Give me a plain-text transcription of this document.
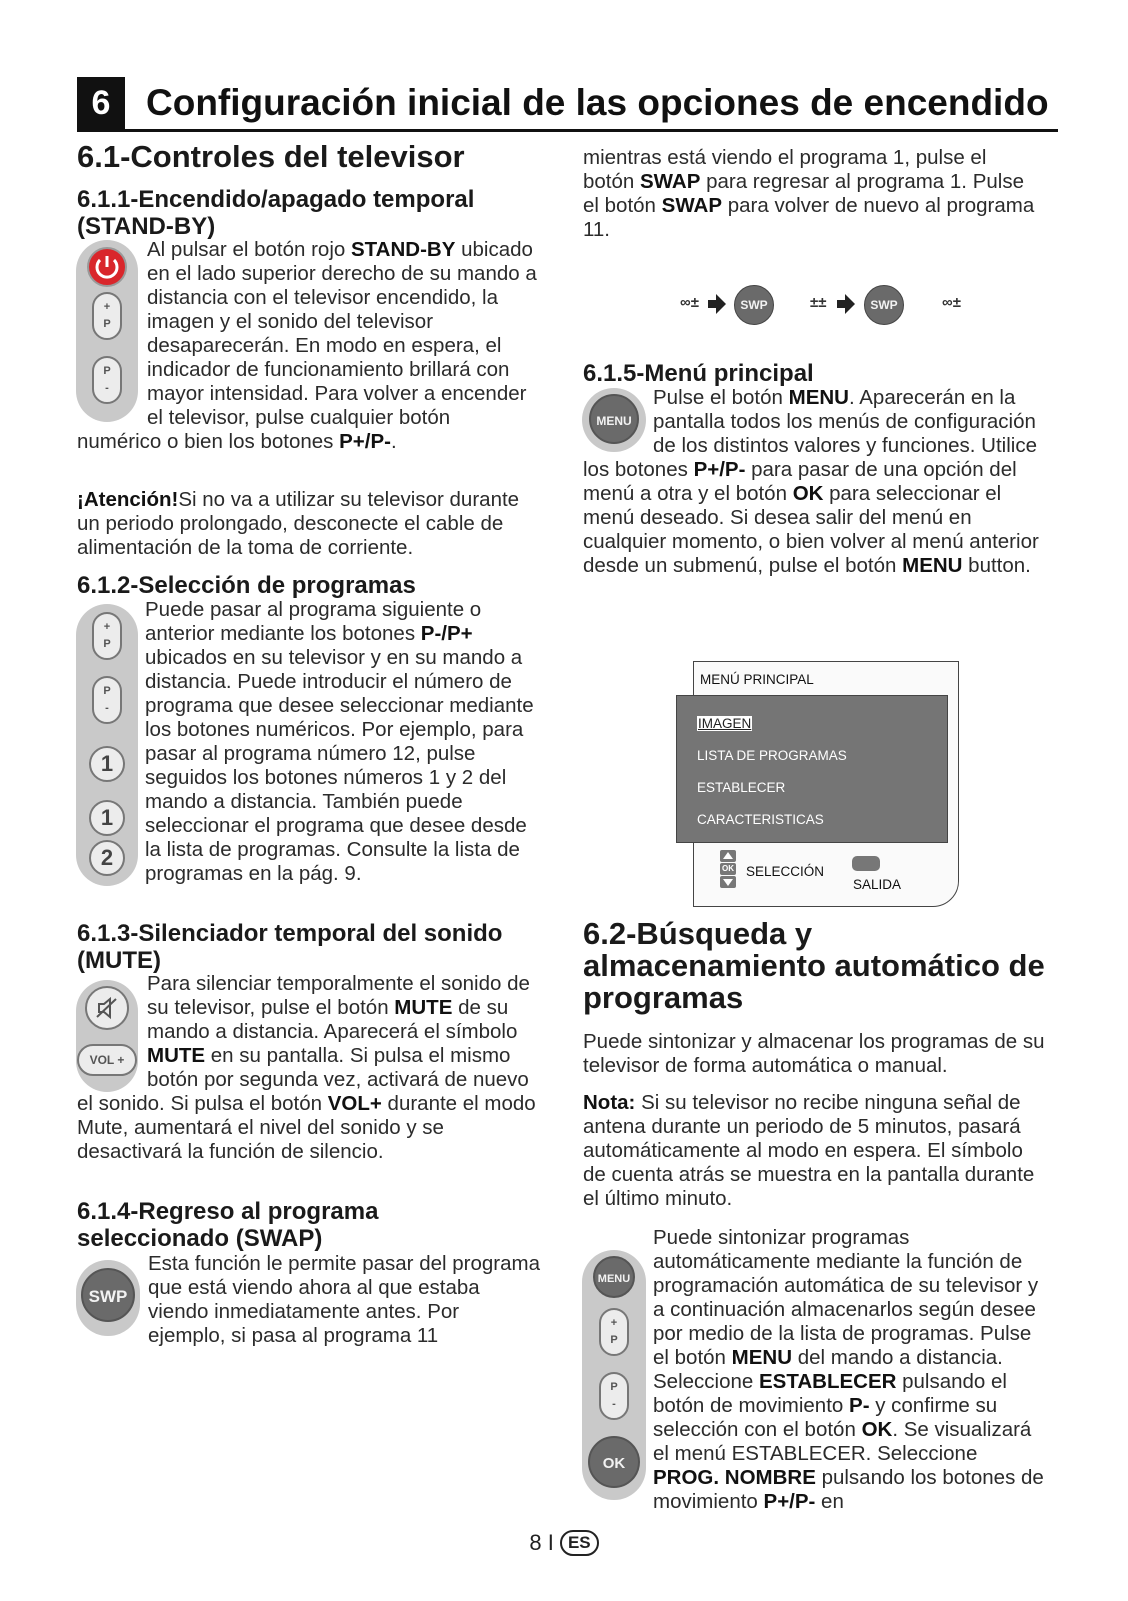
6 Configuración inicial de las opciones de encendido
6.1-Controles del televisor
6.1.1-Encendido/apagado temporal (STAND-BY)
+
P
P
-
Al pulsar el botón rojo STAND-BY ubicado en el lado superior derecho de su mando a distancia con el televisor encendido, la imagen y el sonido del televisor desaparecerán. En modo en espera, el indicador de funcionamiento brillará con mayor intensidad. Para volver a encender el televisor, pulse cualquier botón numérico o bien los botones P+/P-.

¡Atención!Si no va a utilizar su televisor durante un periodo prolongado, desconecte el cable de alimentación de la toma de corriente.

6.1.2-Selección de programas
+
P
P
-
1
1
2
Puede pasar al programa siguiente o anterior mediante los botones P-/P+ ubicados en su televisor y en su mando a distancia. Puede introducir el número de programa que desee seleccionar mediante los botones numéricos. Por ejemplo, para pasar al programa número 12, pulse seguidos los botones números 1 y 2 del mando a distancia. También puede seleccionar el programa que desee desde la lista de programas. Consulte la lista de programas en la pág. 9.
6.1.3-Silenciador temporal del sonido (MUTE)
VOL +
Para silenciar temporalmente el sonido de su televisor, pulse el botón MUTE de su mando a distancia. Aparecerá el símbolo MUTE en su pantalla. Si pulsa el mismo botón por segunda vez, activará de nuevo el sonido. Si pulsa el botón VOL+ durante el modo Mute, aumentará el nivel del sonido y se desactivará la función de silencio.
6.1.4-Regreso al programa seleccionado (SWAP)
SWP
Esta función le permite pasar del programa que está viendo ahora al que estaba viendo inmediatamente antes. Por ejemplo, si pasa al programa 11
mientras está viendo el programa 1, pulse el botón SWAP para regresar al programa 1. Pulse el botón SWAP para volver de nuevo al programa 11.
∞±	SWP	±±	SWP	∞±
6.1.5-Menú principal
MENU
Pulse el botón MENU. Aparecerán en la pantalla todos los menús de configuración de los distintos valores y funciones. Utilice los botones P+/P- para pasar de una opción del menú a otra y el botón OK para seleccionar el menú deseado. Si desea salir del menú en cualquier momento, o bien volver al menú anterior desde un submenú, pulse el botón MENU button.
MENÚ PRINCIPAL
IMAGEN
LISTA DE PROGRAMAS
ESTABLECER
CARACTERISTICAS
OK SELECCIÓN
SALIDA
6.2-Búsqueda y almacenamiento automático de programas

Puede sintonizar y almacenar los programas de su televisor de forma automática o manual.

Nota: Si su televisor no recibe ninguna señal de antena durante un periodo de 5 minutos, pasará automáticamente al modo en espera. El símbolo de cuenta atrás se muestra en la pantalla durante el último minuto.

MENU
+
P
P
-
OK
Puede sintonizar programas automáticamente mediante la función de programación automática de su televisor y a continuación almacenarlos según desee por medio de la lista de programas. Pulse el botón MENU del mando a distancia. Seleccione ESTABLECER pulsando el botón de movimiento P- y confirme su selección con el botón OK. Se visualizará el menú ESTABLECER. Seleccione PROG. NOMBRE pulsando los botones de movimiento P+/P- en
8 I ES
